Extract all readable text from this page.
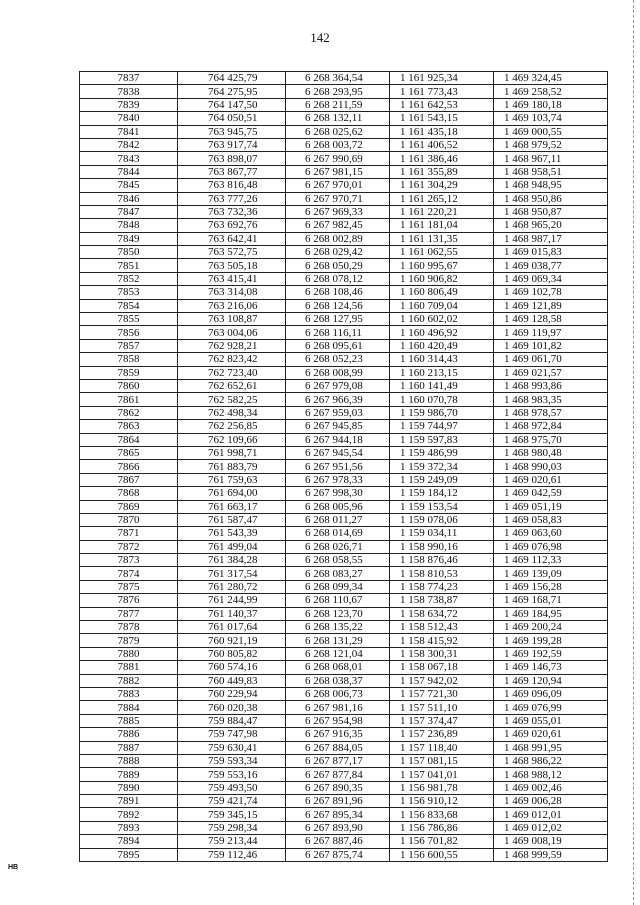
142
7837	764 425,79	6 268 364,54	1 161 925,34	1 469 324,45
7838	764 275,95	6 268 293,95	1 161 773,43	1 469 258,52
7839	764 147,50	6 268 211,59	1 161 642,53	1 469 180,18
7840	764 050,51	6 268 132,11	1 161 543,15	1 469 103,74
7841	763 945,75	6 268 025,62	1 161 435,18	1 469 000,55
7842	763 917,74	6 268 003,72	1 161 406,52	1 468 979,52
7843	763 898,07	6 267 990,69	1 161 386,46	1 468 967,11
7844	763 867,77	6 267 981,15	1 161 355,89	1 468 958,51
7845	763 816,48	6 267 970,01	1 161 304,29	1 468 948,95
7846	763 777,26	6 267 970,71	1 161 265,12	1 468 950,86
7847	763 732,36	6 267 969,33	1 161 220,21	1 468 950,87
7848	763 692,76	6 267 982,45	1 161 181,04	1 468 965,20
7849	763 642,41	6 268 002,89	1 161 131,35	1 468 987,17
7850	763 572,75	6 268 029,42	1 161 062,55	1 469 015,83
7851	763 505,18	6 268 050,29	1 160 995,67	1 469 038,77
7852	763 415,41	6 268 078,12	1 160 906,82	1 469 069,34
7853	763 314,08	6 268 108,46	1 160 806,49	1 469 102,78
7854	763 216,06	6 268 124,56	1 160 709,04	1 469 121,89
7855	763 108,87	6 268 127,95	1 160 602,02	1 469 128,58
7856	763 004,06	6 268 116,11	1 160 496,92	1 469 119,97
7857	762 928,21	6 268 095,61	1 160 420,49	1 469 101,82
7858	762 823,42	6 268 052,23	1 160 314,43	1 469 061,70
7859	762 723,40	6 268 008,99	1 160 213,15	1 469 021,57
7860	762 652,61	6 267 979,08	1 160 141,49	1 468 993,86
7861	762 582,25	6 267 966,39	1 160 070,78	1 468 983,35
7862	762 498,34	6 267 959,03	1 159 986,70	1 468 978,57
7863	762 256,85	6 267 945,85	1 159 744,97	1 468 972,84
7864	762 109,66	6 267 944,18	1 159 597,83	1 468 975,70
7865	761 998,71	6 267 945,54	1 159 486,99	1 468 980,48
7866	761 883,79	6 267 951,56	1 159 372,34	1 468 990,03
7867	761 759,63	6 267 978,33	1 159 249,09	1 469 020,61
7868	761 694,00	6 267 998,30	1 159 184,12	1 469 042,59
7869	761 663,17	6 268 005,96	1 159 153,54	1 469 051,19
7870	761 587,47	6 268 011,27	1 159 078,06	1 469 058,83
7871	761 543,39	6 268 014,69	1 159 034,11	1 469 063,60
7872	761 499,04	6 268 026,71	1 158 990,16	1 469 076,98
7873	761 384,28	6 268 058,55	1 158 876,46	1 469 112,33
7874	761 317,54	6 268 083,27	1 158 810,53	1 469 139,09
7875	761 280,72	6 268 099,34	1 158 774,23	1 469 156,28
7876	761 244,99	6 268 110,67	1 158 738,87	1 469 168,71
7877	761 140,37	6 268 123,70	1 158 634,72	1 469 184,95
7878	761 017,64	6 268 135,22	1 158 512,43	1 469 200,24
7879	760 921,19	6 268 131,29	1 158 415,92	1 469 199,28
7880	760 805,82	6 268 121,04	1 158 300,31	1 469 192,59
7881	760 574,16	6 268 068,01	1 158 067,18	1 469 146,73
7882	760 449,83	6 268 038,37	1 157 942,02	1 469 120,94
7883	760 229,94	6 268 006,73	1 157 721,30	1 469 096,09
7884	760 020,38	6 267 981,16	1 157 511,10	1 469 076,99
7885	759 884,47	6 267 954,98	1 157 374,47	1 469 055,01
7886	759 747,98	6 267 916,35	1 157 236,89	1 469 020,61
7887	759 630,41	6 267 884,05	1 157 118,40	1 468 991,95
7888	759 593,34	6 267 877,17	1 157 081,15	1 468 986,22
7889	759 553,16	6 267 877,84	1 157 041,01	1 468 988,12
7890	759 493,50	6 267 890,35	1 156 981,78	1 469 002,46
7891	759 421,74	6 267 891,96	1 156 910,12	1 469 006,28
7892	759 345,15	6 267 895,34	1 156 833,68	1 469 012,01
7893	759 298,34	6 267 893,90	1 156 786,86	1 469 012,02
7894	759 213,44	6 267 887,46	1 156 701,82	1 469 008,19
7895	759 112,46	6 267 875,74	1 156 600,55	1 468 999,59
HB
